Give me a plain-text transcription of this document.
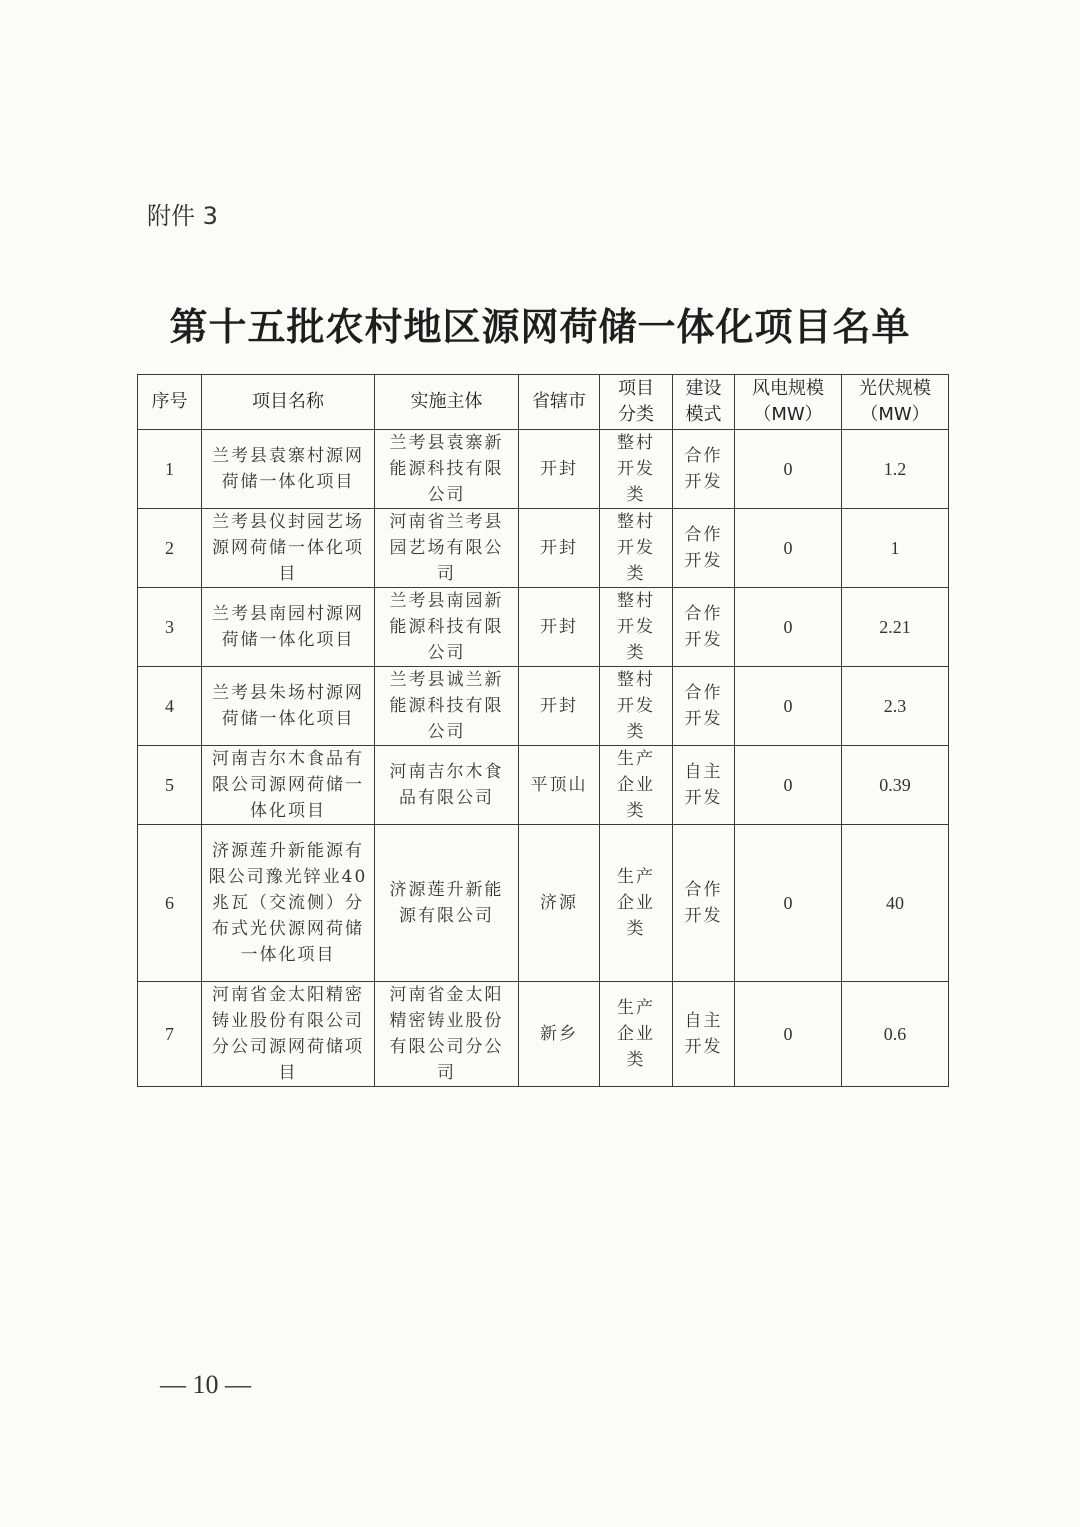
附件 3
第十五批农村地区源网荷储一体化项目名单
序号	项目名称	实施主体	省辖市	项目分类	建设模式	风电规模（MW）	光伏规模（MW）
1	兰考县袁寨村源网荷储一体化项目	兰考县袁寨新能源科技有限公司	开封	整村开发类	合作开发	0	1.2
2	兰考县仪封园艺场源网荷储一体化项目	河南省兰考县园艺场有限公司	开封	整村开发类	合作开发	0	1
3	兰考县南园村源网荷储一体化项目	兰考县南园新能源科技有限公司	开封	整村开发类	合作开发	0	2.21
4	兰考县朱场村源网荷储一体化项目	兰考县诚兰新能源科技有限公司	开封	整村开发类	合作开发	0	2.3
5	河南吉尔木食品有限公司源网荷储一体化项目	河南吉尔木食品有限公司	平顶山	生产企业类	自主开发	0	0.39
6	济源莲升新能源有限公司豫光锌业40兆瓦（交流侧）分布式光伏源网荷储一体化项目	济源莲升新能源有限公司	济源	生产企业类	合作开发	0	40
7	河南省金太阳精密铸业股份有限公司分公司源网荷储项目	河南省金太阳精密铸业股份有限公司分公司	新乡	生产企业类	自主开发	0	0.6
— 10 —
